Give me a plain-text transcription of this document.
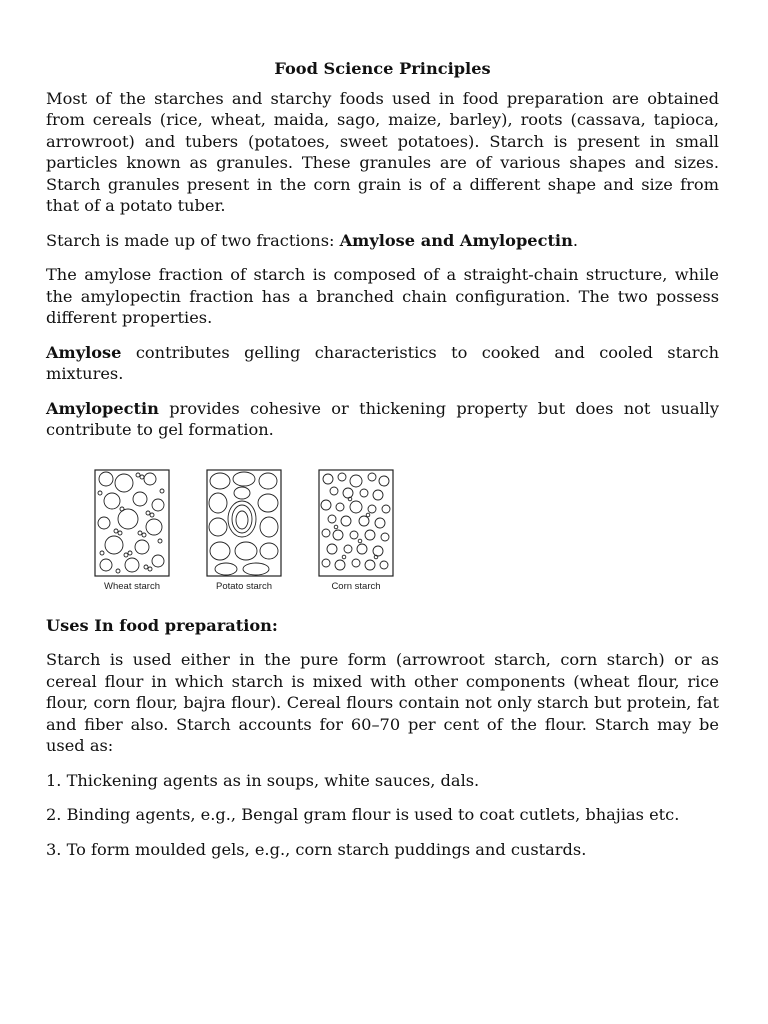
Food Science Principles

Most of the starches and starchy foods used in food preparation are obtained from cereals (rice, wheat, maida, sago, maize, barley), roots (cassava, tapioca, arrowroot) and tubers (potatoes, sweet potatoes). Starch is present in small particles known as granules. These granules are of various shapes and sizes. Starch granules present in the corn grain is of a different shape and size from that of a potato tuber.

Starch is made up of two fractions: Amylose and Amylopectin.

The amylose fraction of starch is composed of a straight-chain structure, while the amylopectin fraction has a branched chain configuration. The two possess different properties.

Amylose contributes gelling characteristics to cooked and cooled starch mixtures.

Amylopectin provides cohesive or thickening property but does not usually contribute to gel formation.

Wheat starch	Potato starch	Corn starch
Uses In food preparation:

Starch is used either in the pure form (arrowroot starch, corn starch) or as cereal flour in which starch is mixed with other components (wheat flour, rice flour, corn flour, bajra flour). Cereal flours contain not only starch but protein, fat and fiber also. Starch accounts for 60–70 per cent of the flour. Starch may be used as:

1. Thickening agents as in soups, white sauces, dals.

2. Binding agents, e.g., Bengal gram flour is used to coat cutlets, bhajias etc.

3. To form moulded gels, e.g., corn starch puddings and custards.
